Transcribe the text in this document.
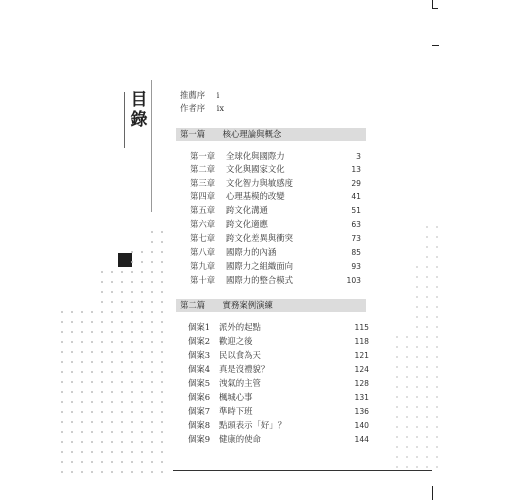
目
錄
推薦序 i
作者序 ix
第一篇 核心理論與概念
第一章 全球化與國際力	3
第二章 文化與國家文化	13
第三章 文化智力與敏感度	29
第四章 心理基模的改變	41
第五章 跨文化溝通	51
第六章 跨文化適應	63
第七章 跨文化差異與衝突	73
第八章 國際力的內涵	85
第九章 國際力之組織面向	93
第十章 國際力的整合模式	103
第二篇 實務案例演練
個案1 派外的起點	115
個案2 歡迎之後	118
個案3 民以食為天	121
個案4 真是沒禮貌？	124
個案5 洩氣的主管	128
個案6 楓城心事	131
個案7 準時下班	136
個案8 點頭表示「好」？	140
個案9 健康的使命	144
